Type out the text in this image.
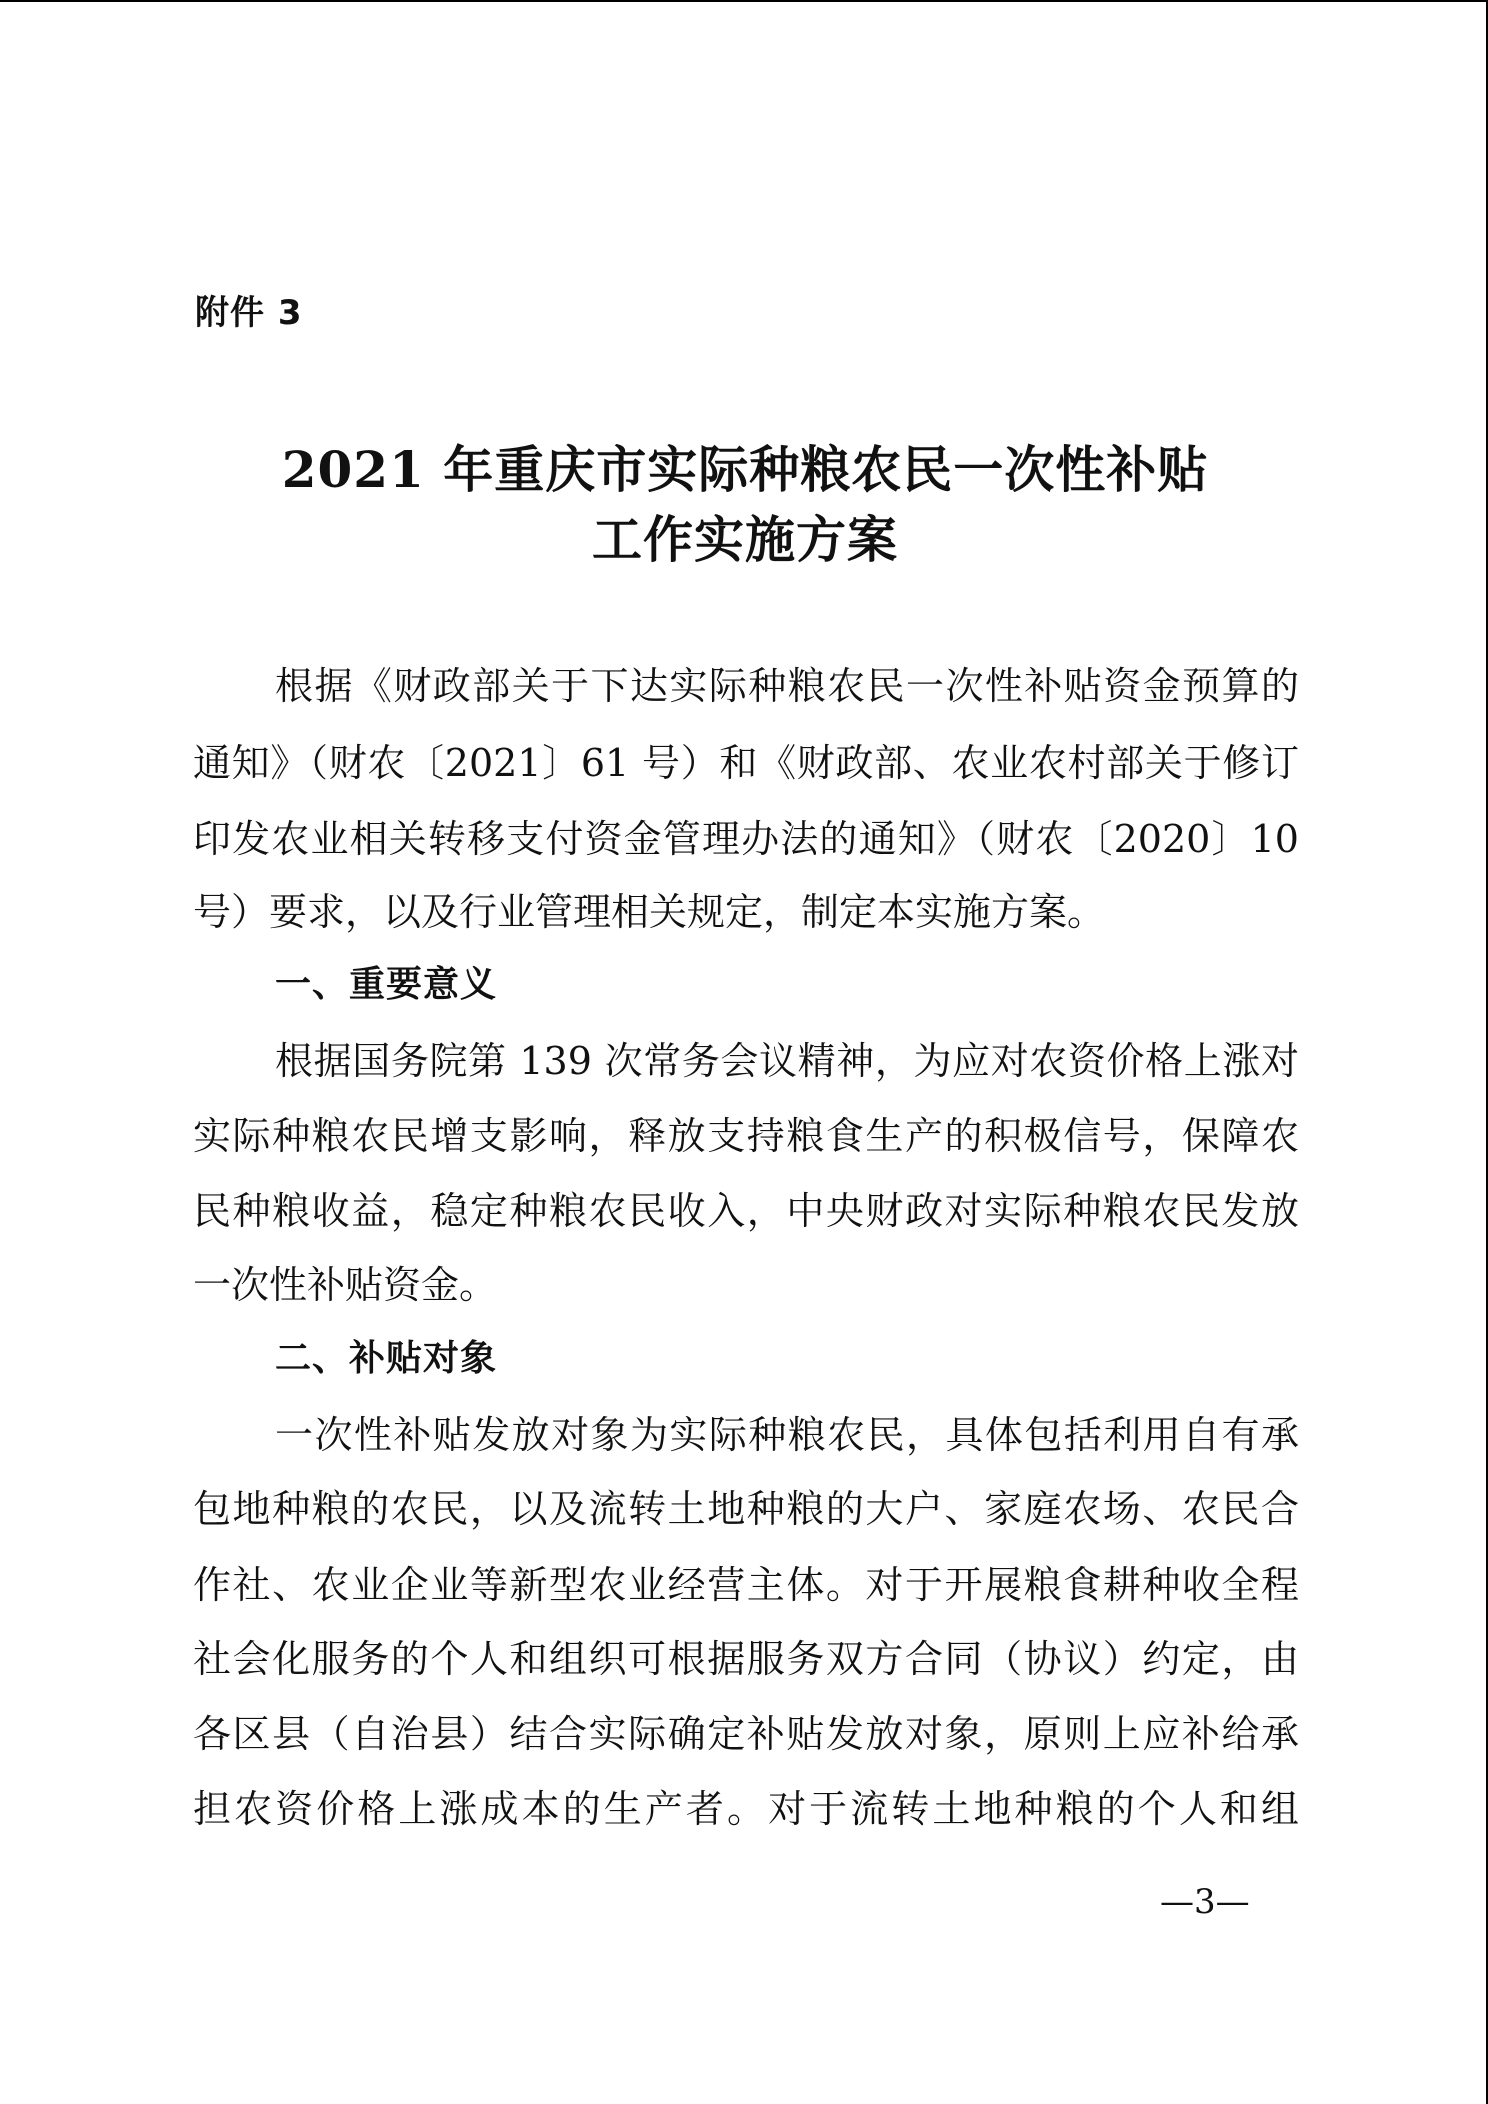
附件 3
2021 年重庆市实际种粮农民一次性补贴
工作实施方案
根据《财政部关于下达实际种粮农民一次性补贴资金预算的
通知》（财农〔2021〕61 号）和《财政部、农业农村部关于修订
印发农业相关转移支付资金管理办法的通知》（财农〔2020〕10
号）要求，以及行业管理相关规定，制定本实施方案。
一、重要意义
根据国务院第 139 次常务会议精神，为应对农资价格上涨对
实际种粮农民增支影响，释放支持粮食生产的积极信号，保障农
民种粮收益，稳定种粮农民收入，中央财政对实际种粮农民发放
一次性补贴资金。
二、补贴对象
一次性补贴发放对象为实际种粮农民，具体包括利用自有承
包地种粮的农民，以及流转土地种粮的大户、家庭农场、农民合
作社、农业企业等新型农业经营主体。对于开展粮食耕种收全程
社会化服务的个人和组织可根据服务双方合同（协议）约定，由
各区县（自治县）结合实际确定补贴发放对象，原则上应补给承
担农资价格上涨成本的生产者。对于流转土地种粮的个人和组
—3—
